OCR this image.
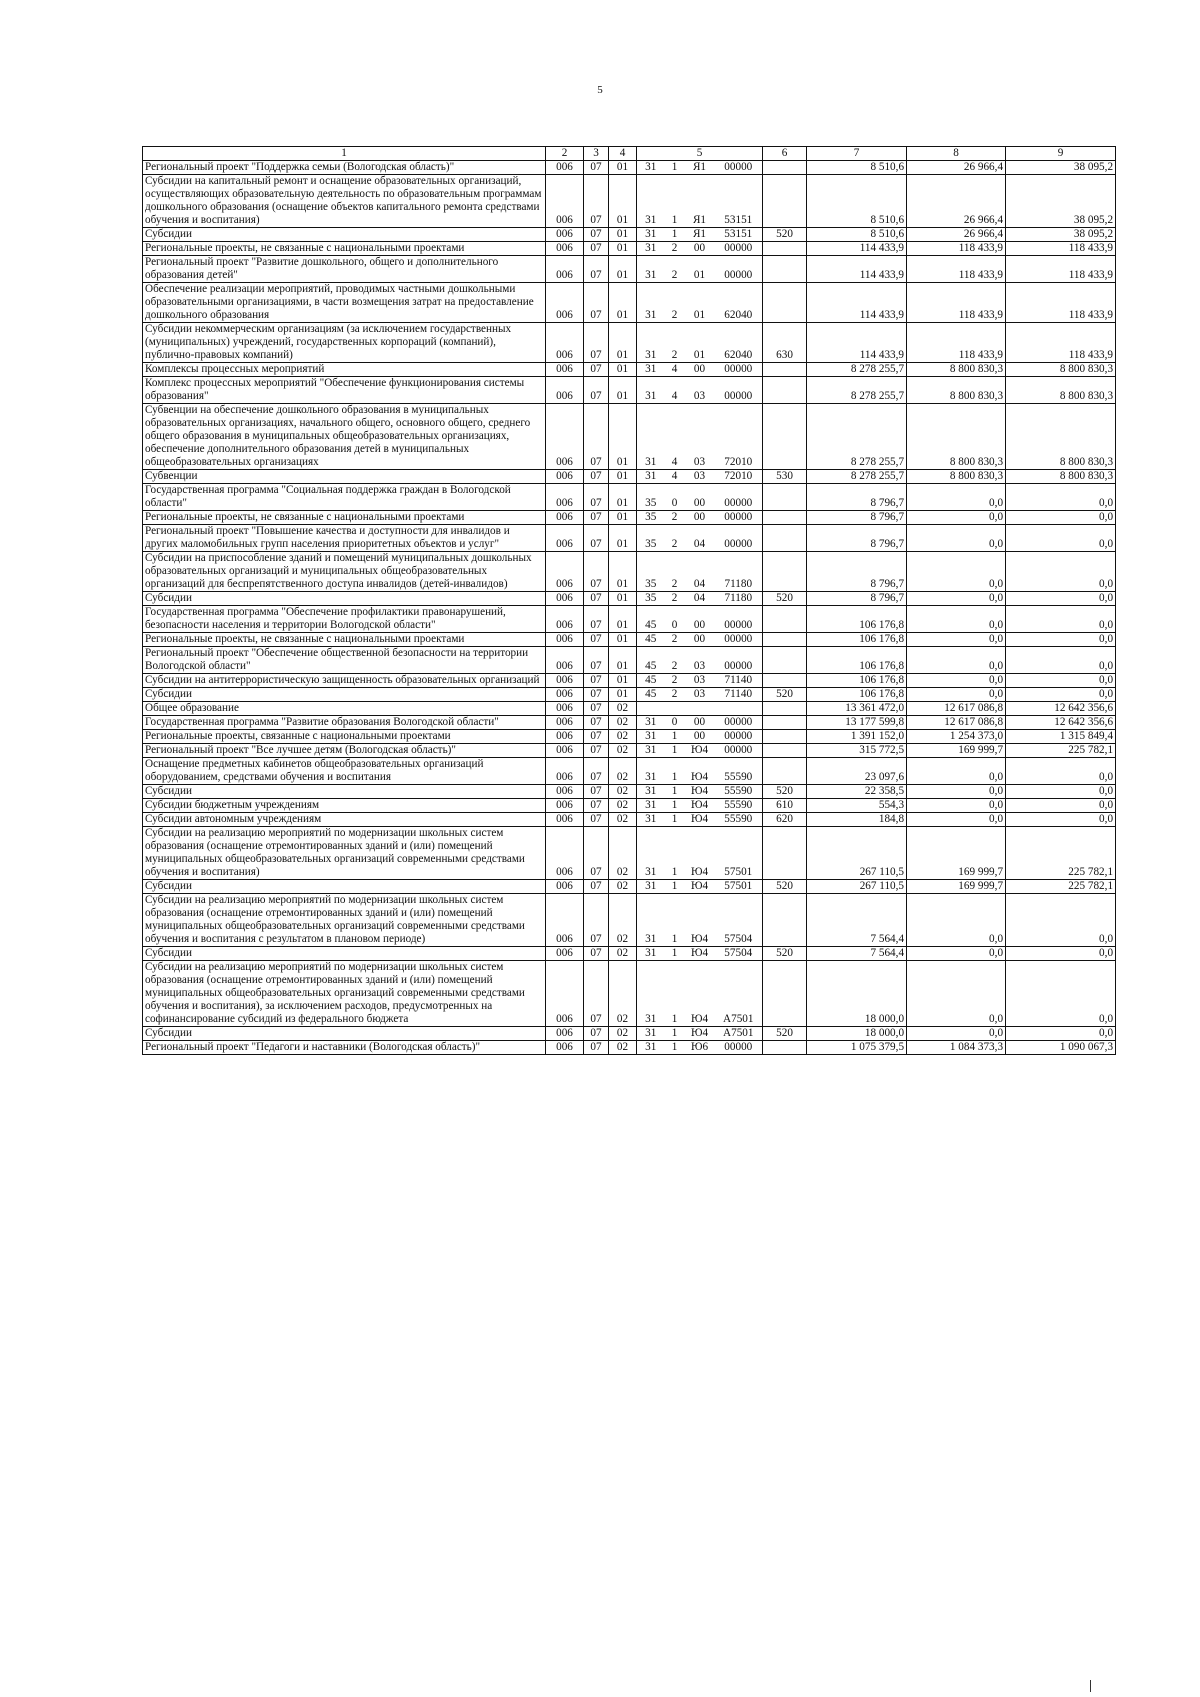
5
1	2	3	4	5				6	7	8	9
Региональный проект "Поддержка семьи (Вологодская область)"	006	07	01	31	1	Я1	00000		8 510,6	26 966,4	38 095,2
Субсидии на капитальный ремонт и оснащение образовательных организаций, осуществляющих образовательную деятельность по образовательным программам дошкольного образования (оснащение объектов капитального ремонта средствами обучения и воспитания)	006	07	01	31	1	Я1	53151		8 510,6	26 966,4	38 095,2
Субсидии	006	07	01	31	1	Я1	53151	520	8 510,6	26 966,4	38 095,2
Региональные проекты, не связанные с национальными проектами	006	07	01	31	2	00	00000		114 433,9	118 433,9	118 433,9
Региональный проект "Развитие дошкольного, общего и дополнительного образования детей"	006	07	01	31	2	01	00000		114 433,9	118 433,9	118 433,9
Обеспечение реализации мероприятий, проводимых частными дошкольными образовательными организациями, в части возмещения затрат на предоставление дошкольного образования	006	07	01	31	2	01	62040		114 433,9	118 433,9	118 433,9
Субсидии некоммерческим организациям (за исключением государственных (муниципальных) учреждений, государственных корпораций (компаний), публично-правовых компаний)	006	07	01	31	2	01	62040	630	114 433,9	118 433,9	118 433,9
Комплексы процессных мероприятий	006	07	01	31	4	00	00000		8 278 255,7	8 800 830,3	8 800 830,3
Комплекс процессных мероприятий "Обеспечение функционирования системы образования"	006	07	01	31	4	03	00000		8 278 255,7	8 800 830,3	8 800 830,3
Субвенции на обеспечение дошкольного образования в муниципальных образовательных организациях, начального общего, основного общего, среднего общего образования в муниципальных общеобразовательных организациях, обеспечение дополнительного образования детей в муниципальных общеобразовательных организациях	006	07	01	31	4	03	72010		8 278 255,7	8 800 830,3	8 800 830,3
Субвенции	006	07	01	31	4	03	72010	530	8 278 255,7	8 800 830,3	8 800 830,3
Государственная программа "Социальная поддержка граждан в Вологодской области"	006	07	01	35	0	00	00000		8 796,7	0,0	0,0
Региональные проекты, не связанные с национальными проектами	006	07	01	35	2	00	00000		8 796,7	0,0	0,0
Региональный проект "Повышение качества и доступности для инвалидов и других маломобильных групп населения приоритетных объектов и услуг"	006	07	01	35	2	04	00000		8 796,7	0,0	0,0
Субсидии на приспособление зданий и помещений муниципальных дошкольных образовательных организаций и муниципальных общеобразовательных организаций для беспрепятственного доступа инвалидов (детей-инвалидов)	006	07	01	35	2	04	71180		8 796,7	0,0	0,0
Субсидии	006	07	01	35	2	04	71180	520	8 796,7	0,0	0,0
Государственная программа "Обеспечение профилактики правонарушений, безопасности населения и территории Вологодской области"	006	07	01	45	0	00	00000		106 176,8	0,0	0,0
Региональные проекты, не связанные с национальными проектами	006	07	01	45	2	00	00000		106 176,8	0,0	0,0
Региональный проект "Обеспечение общественной безопасности на территории Вологодской области"	006	07	01	45	2	03	00000		106 176,8	0,0	0,0
Субсидии на антитеррористическую защищенность образовательных организаций	006	07	01	45	2	03	71140		106 176,8	0,0	0,0
Субсидии	006	07	01	45	2	03	71140	520	106 176,8	0,0	0,0
Общее образование	006	07	02						13 361 472,0	12 617 086,8	12 642 356,6
Государственная программа "Развитие образования Вологодской области"	006	07	02	31	0	00	00000		13 177 599,8	12 617 086,8	12 642 356,6
Региональные проекты, связанные с национальными проектами	006	07	02	31	1	00	00000		1 391 152,0	1 254 373,0	1 315 849,4
Региональный проект "Все лучшее детям (Вологодская область)"	006	07	02	31	1	Ю4	00000		315 772,5	169 999,7	225 782,1
Оснащение предметных кабинетов общеобразовательных организаций оборудованием, средствами обучения и воспитания	006	07	02	31	1	Ю4	55590		23 097,6	0,0	0,0
Субсидии	006	07	02	31	1	Ю4	55590	520	22 358,5	0,0	0,0
Субсидии бюджетным учреждениям	006	07	02	31	1	Ю4	55590	610	554,3	0,0	0,0
Субсидии автономным учреждениям	006	07	02	31	1	Ю4	55590	620	184,8	0,0	0,0
Субсидии на реализацию мероприятий по модернизации школьных систем образования (оснащение отремонтированных зданий и (или) помещений муниципальных общеобразовательных организаций современными средствами обучения и воспитания)	006	07	02	31	1	Ю4	57501		267 110,5	169 999,7	225 782,1
Субсидии	006	07	02	31	1	Ю4	57501	520	267 110,5	169 999,7	225 782,1
Субсидии на реализацию мероприятий по модернизации школьных систем образования (оснащение отремонтированных зданий и (или) помещений муниципальных общеобразовательных организаций современными средствами обучения и воспитания с результатом в плановом периоде)	006	07	02	31	1	Ю4	57504		7 564,4	0,0	0,0
Субсидии	006	07	02	31	1	Ю4	57504	520	7 564,4	0,0	0,0
Субсидии на реализацию мероприятий по модернизации школьных систем образования (оснащение отремонтированных зданий и (или) помещений муниципальных общеобразовательных организаций современными средствами обучения и воспитания), за исключением расходов, предусмотренных на софинансирование субсидий из федерального бюджета	006	07	02	31	1	Ю4	А7501		18 000,0	0,0	0,0
Субсидии	006	07	02	31	1	Ю4	А7501	520	18 000,0	0,0	0,0
Региональный проект "Педагоги и наставники (Вологодская область)"	006	07	02	31	1	Ю6	00000		1 075 379,5	1 084 373,3	1 090 067,3
